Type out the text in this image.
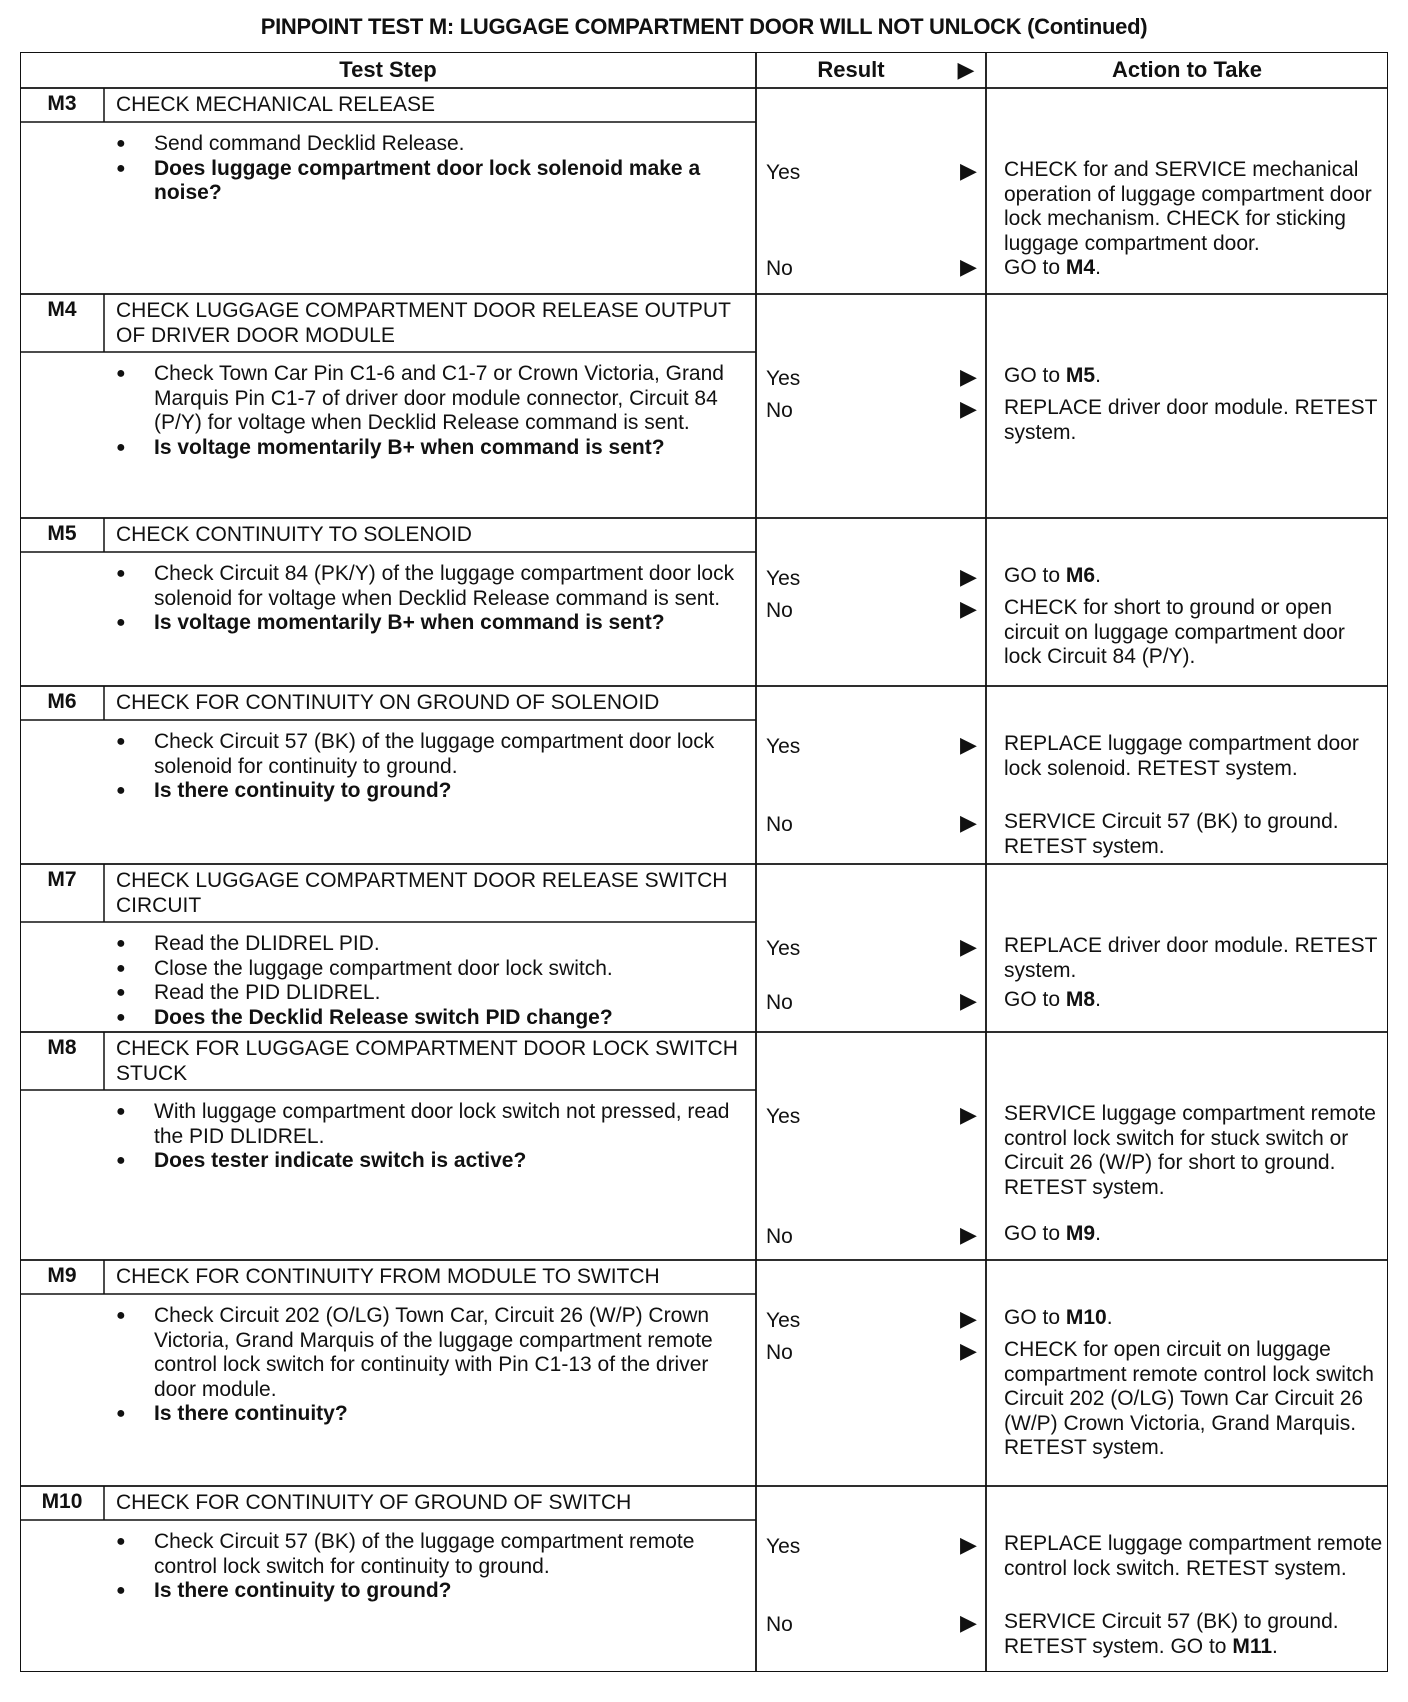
PINPOINT TEST M: LUGGAGE COMPARTMENT DOOR WILL NOT UNLOCK (Continued)
Test Step	Result	▶	Action to Take
M3	CHECK MECHANICAL RELEASE
● Send command Decklid Release.
● Does luggage compartment door lock solenoid make a noise?
Yes	▶ CHECK for and SERVICE mechanical operation of luggage compartment door lock mechanism. CHECK for sticking luggage compartment door.
No	▶ GO to M4.
M4	CHECK LUGGAGE COMPARTMENT DOOR RELEASE OUTPUT OF DRIVER DOOR MODULE
● Check Town Car Pin C1-6 and C1-7 or Crown Victoria, Grand Marquis Pin C1-7 of driver door module connector, Circuit 84 (P/Y) for voltage when Decklid Release command is sent.
● Is voltage momentarily B+ when command is sent?
Yes	▶ GO to M5.
No	▶ REPLACE driver door module. RETEST system.
M5	CHECK CONTINUITY TO SOLENOID
● Check Circuit 84 (PK/Y) of the luggage compartment door lock solenoid for voltage when Decklid Release command is sent.
● Is voltage momentarily B+ when command is sent?
Yes	▶ GO to M6.
No	▶ CHECK for short to ground or open circuit on luggage compartment door lock Circuit 84 (P/Y).
M6	CHECK FOR CONTINUITY ON GROUND OF SOLENOID
● Check Circuit 57 (BK) of the luggage compartment door lock solenoid for continuity to ground.
● Is there continuity to ground?
Yes	▶ REPLACE luggage compartment door lock solenoid. RETEST system.
No	▶ SERVICE Circuit 57 (BK) to ground. RETEST system.
M7	CHECK LUGGAGE COMPARTMENT DOOR RELEASE SWITCH CIRCUIT
● Read the DLIDREL PID.
● Close the luggage compartment door lock switch.
● Read the PID DLIDREL.
● Does the Decklid Release switch PID change?
Yes	▶ REPLACE driver door module. RETEST system.
No	▶ GO to M8.
M8	CHECK FOR LUGGAGE COMPARTMENT DOOR LOCK SWITCH STUCK
● With luggage compartment door lock switch not pressed, read the PID DLIDREL.
● Does tester indicate switch is active?
Yes	▶ SERVICE luggage compartment remote control lock switch for stuck switch or Circuit 26 (W/P) for short to ground. RETEST system.
No	▶ GO to M9.
M9	CHECK FOR CONTINUITY FROM MODULE TO SWITCH
● Check Circuit 202 (O/LG) Town Car, Circuit 26 (W/P) Crown Victoria, Grand Marquis of the luggage compartment remote control lock switch for continuity with Pin C1-13 of the driver door module.
● Is there continuity?
Yes	▶ GO to M10.
No	▶ CHECK for open circuit on luggage compartment remote control lock switch Circuit 202 (O/LG) Town Car Circuit 26 (W/P) Crown Victoria, Grand Marquis. RETEST system.
M10	CHECK FOR CONTINUITY OF GROUND OF SWITCH
● Check Circuit 57 (BK) of the luggage compartment remote control lock switch for continuity to ground.
● Is there continuity to ground?
Yes	▶ REPLACE luggage compartment remote control lock switch. RETEST system.
No	▶ SERVICE Circuit 57 (BK) to ground. RETEST system. GO to M11.
